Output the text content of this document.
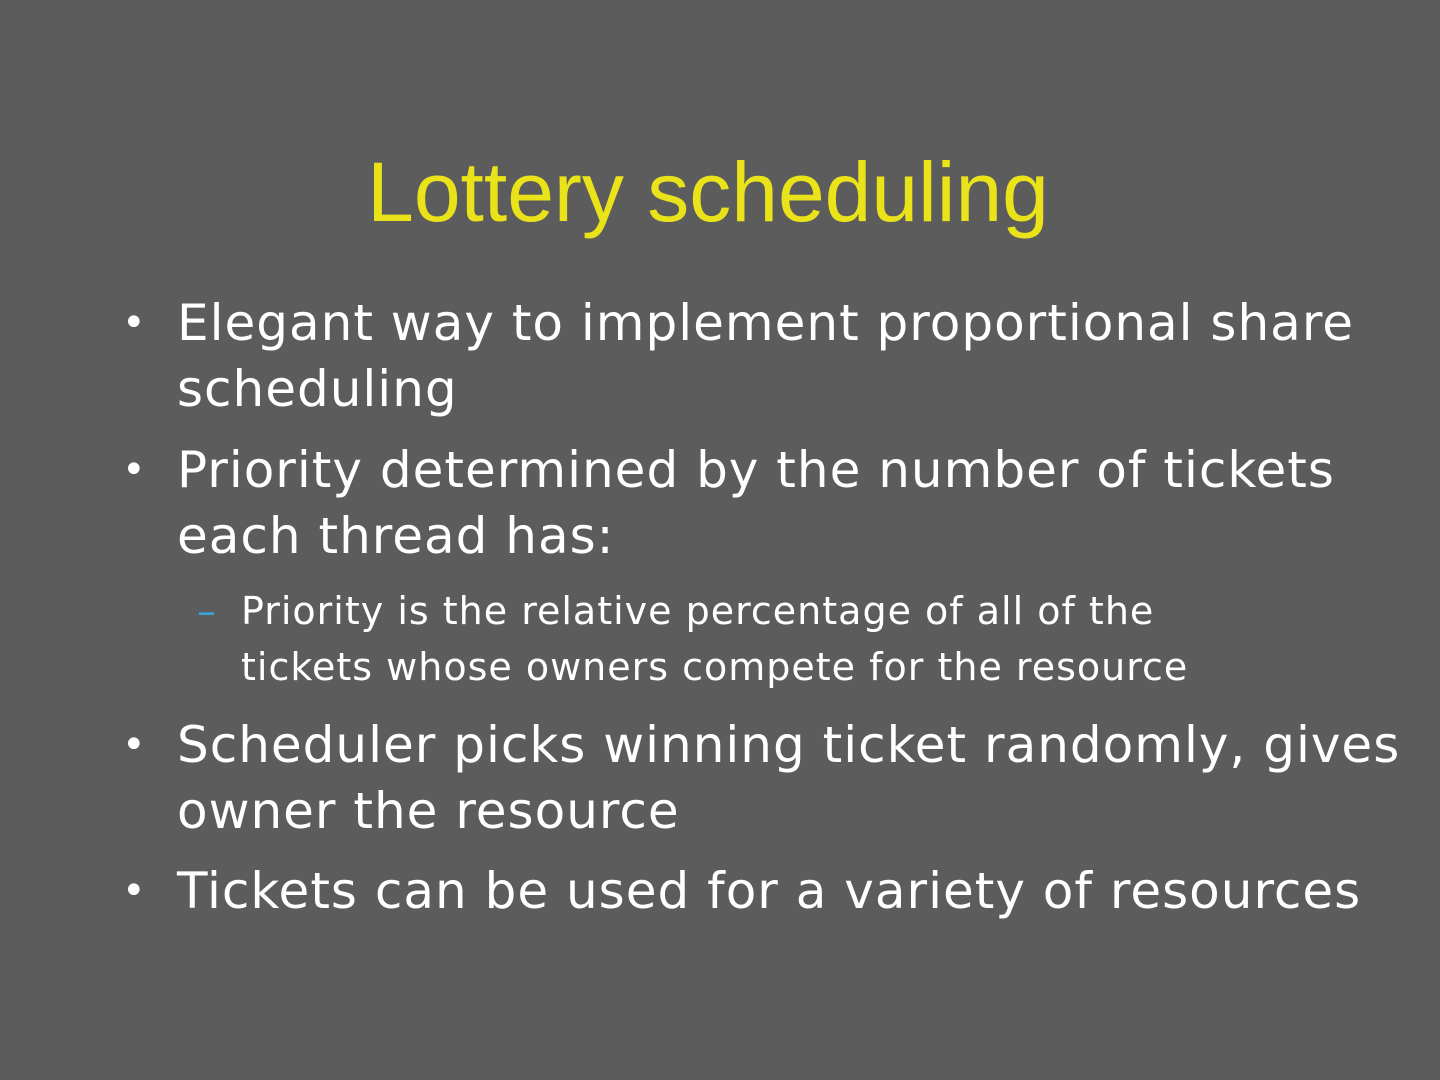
Lottery scheduling
• Elegant way to implement proportional share
scheduling
• Priority determined by the number of tickets
each thread has:
– Priority is the relative percentage of all of the
tickets whose owners compete for the resource
• Scheduler picks winning ticket randomly, gives
owner the resource
• Tickets can be used for a variety of resources
